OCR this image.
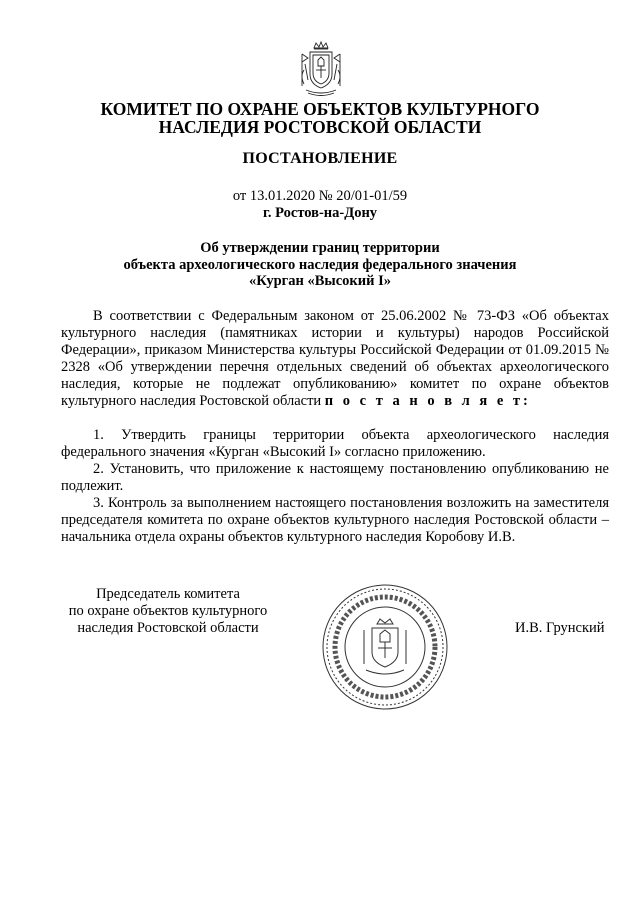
КОМИТЕТ ПО ОХРАНЕ ОБЪЕКТОВ КУЛЬТУРНОГО
НАСЛЕДИЯ РОСТОВСКОЙ ОБЛАСТИ
ПОСТАНОВЛЕНИЕ
от 13.01.2020 № 20/01-01/59
г. Ростов-на-Дону
Об утверждении границ территории
объекта археологического наследия федерального значения
«Курган «Высокий I»

В соответствии с Федеральным законом от 25.06.2002 № 73-ФЗ «Об объектах культурного наследия (памятниках истории и культуры) народов Российской Федерации», приказом Министерства культуры Российской Федерации от 01.09.2015 № 2328 «Об утверждении перечня отдельных сведений об объектах археологического наследия, которые не подлежат опубликованию» комитет по охране объектов культурного наследия Ростовской области п о с т а н о в л я е т:

1. Утвердить границы территории объекта археологического наследия федерального значения «Курган «Высокий I» согласно приложению.

2. Установить, что приложение к настоящему постановлению опубликованию не подлежит.

3. Контроль за выполнением настоящего постановления возложить на заместителя председателя комитета по охране объектов культурного наследия Ростовской области – начальника отдела охраны объектов культурного наследия Коробову И.В.

Председатель комитета
по охране объектов культурного
наследия Ростовской области	И.В. Грунский
